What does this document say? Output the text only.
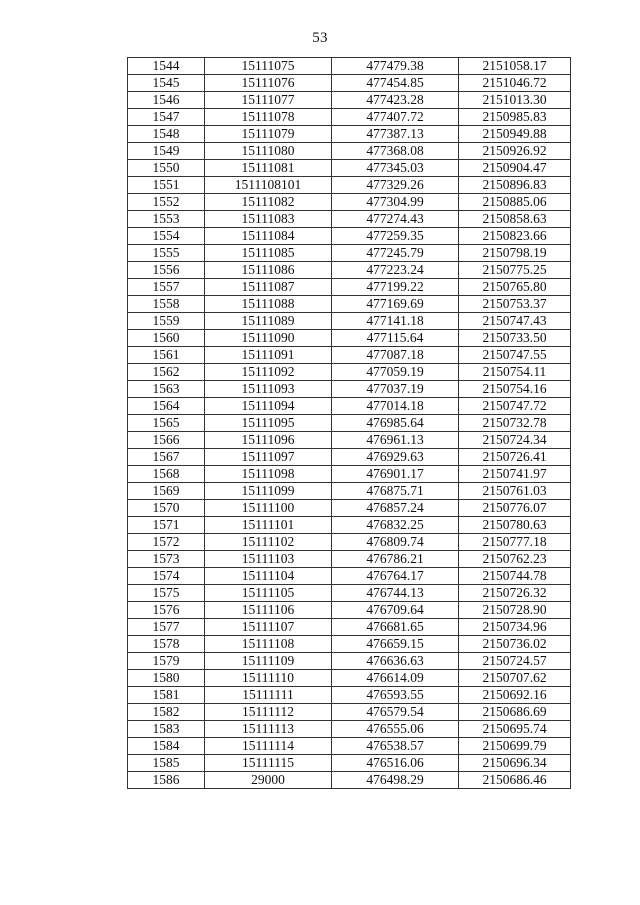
53
1544	15111075	477479.38	2151058.17
1545	15111076	477454.85	2151046.72
1546	15111077	477423.28	2151013.30
1547	15111078	477407.72	2150985.83
1548	15111079	477387.13	2150949.88
1549	15111080	477368.08	2150926.92
1550	15111081	477345.03	2150904.47
1551	1511108101	477329.26	2150896.83
1552	15111082	477304.99	2150885.06
1553	15111083	477274.43	2150858.63
1554	15111084	477259.35	2150823.66
1555	15111085	477245.79	2150798.19
1556	15111086	477223.24	2150775.25
1557	15111087	477199.22	2150765.80
1558	15111088	477169.69	2150753.37
1559	15111089	477141.18	2150747.43
1560	15111090	477115.64	2150733.50
1561	15111091	477087.18	2150747.55
1562	15111092	477059.19	2150754.11
1563	15111093	477037.19	2150754.16
1564	15111094	477014.18	2150747.72
1565	15111095	476985.64	2150732.78
1566	15111096	476961.13	2150724.34
1567	15111097	476929.63	2150726.41
1568	15111098	476901.17	2150741.97
1569	15111099	476875.71	2150761.03
1570	15111100	476857.24	2150776.07
1571	15111101	476832.25	2150780.63
1572	15111102	476809.74	2150777.18
1573	15111103	476786.21	2150762.23
1574	15111104	476764.17	2150744.78
1575	15111105	476744.13	2150726.32
1576	15111106	476709.64	2150728.90
1577	15111107	476681.65	2150734.96
1578	15111108	476659.15	2150736.02
1579	15111109	476636.63	2150724.57
1580	15111110	476614.09	2150707.62
1581	15111111	476593.55	2150692.16
1582	15111112	476579.54	2150686.69
1583	15111113	476555.06	2150695.74
1584	15111114	476538.57	2150699.79
1585	15111115	476516.06	2150696.34
1586	29000	476498.29	2150686.46
